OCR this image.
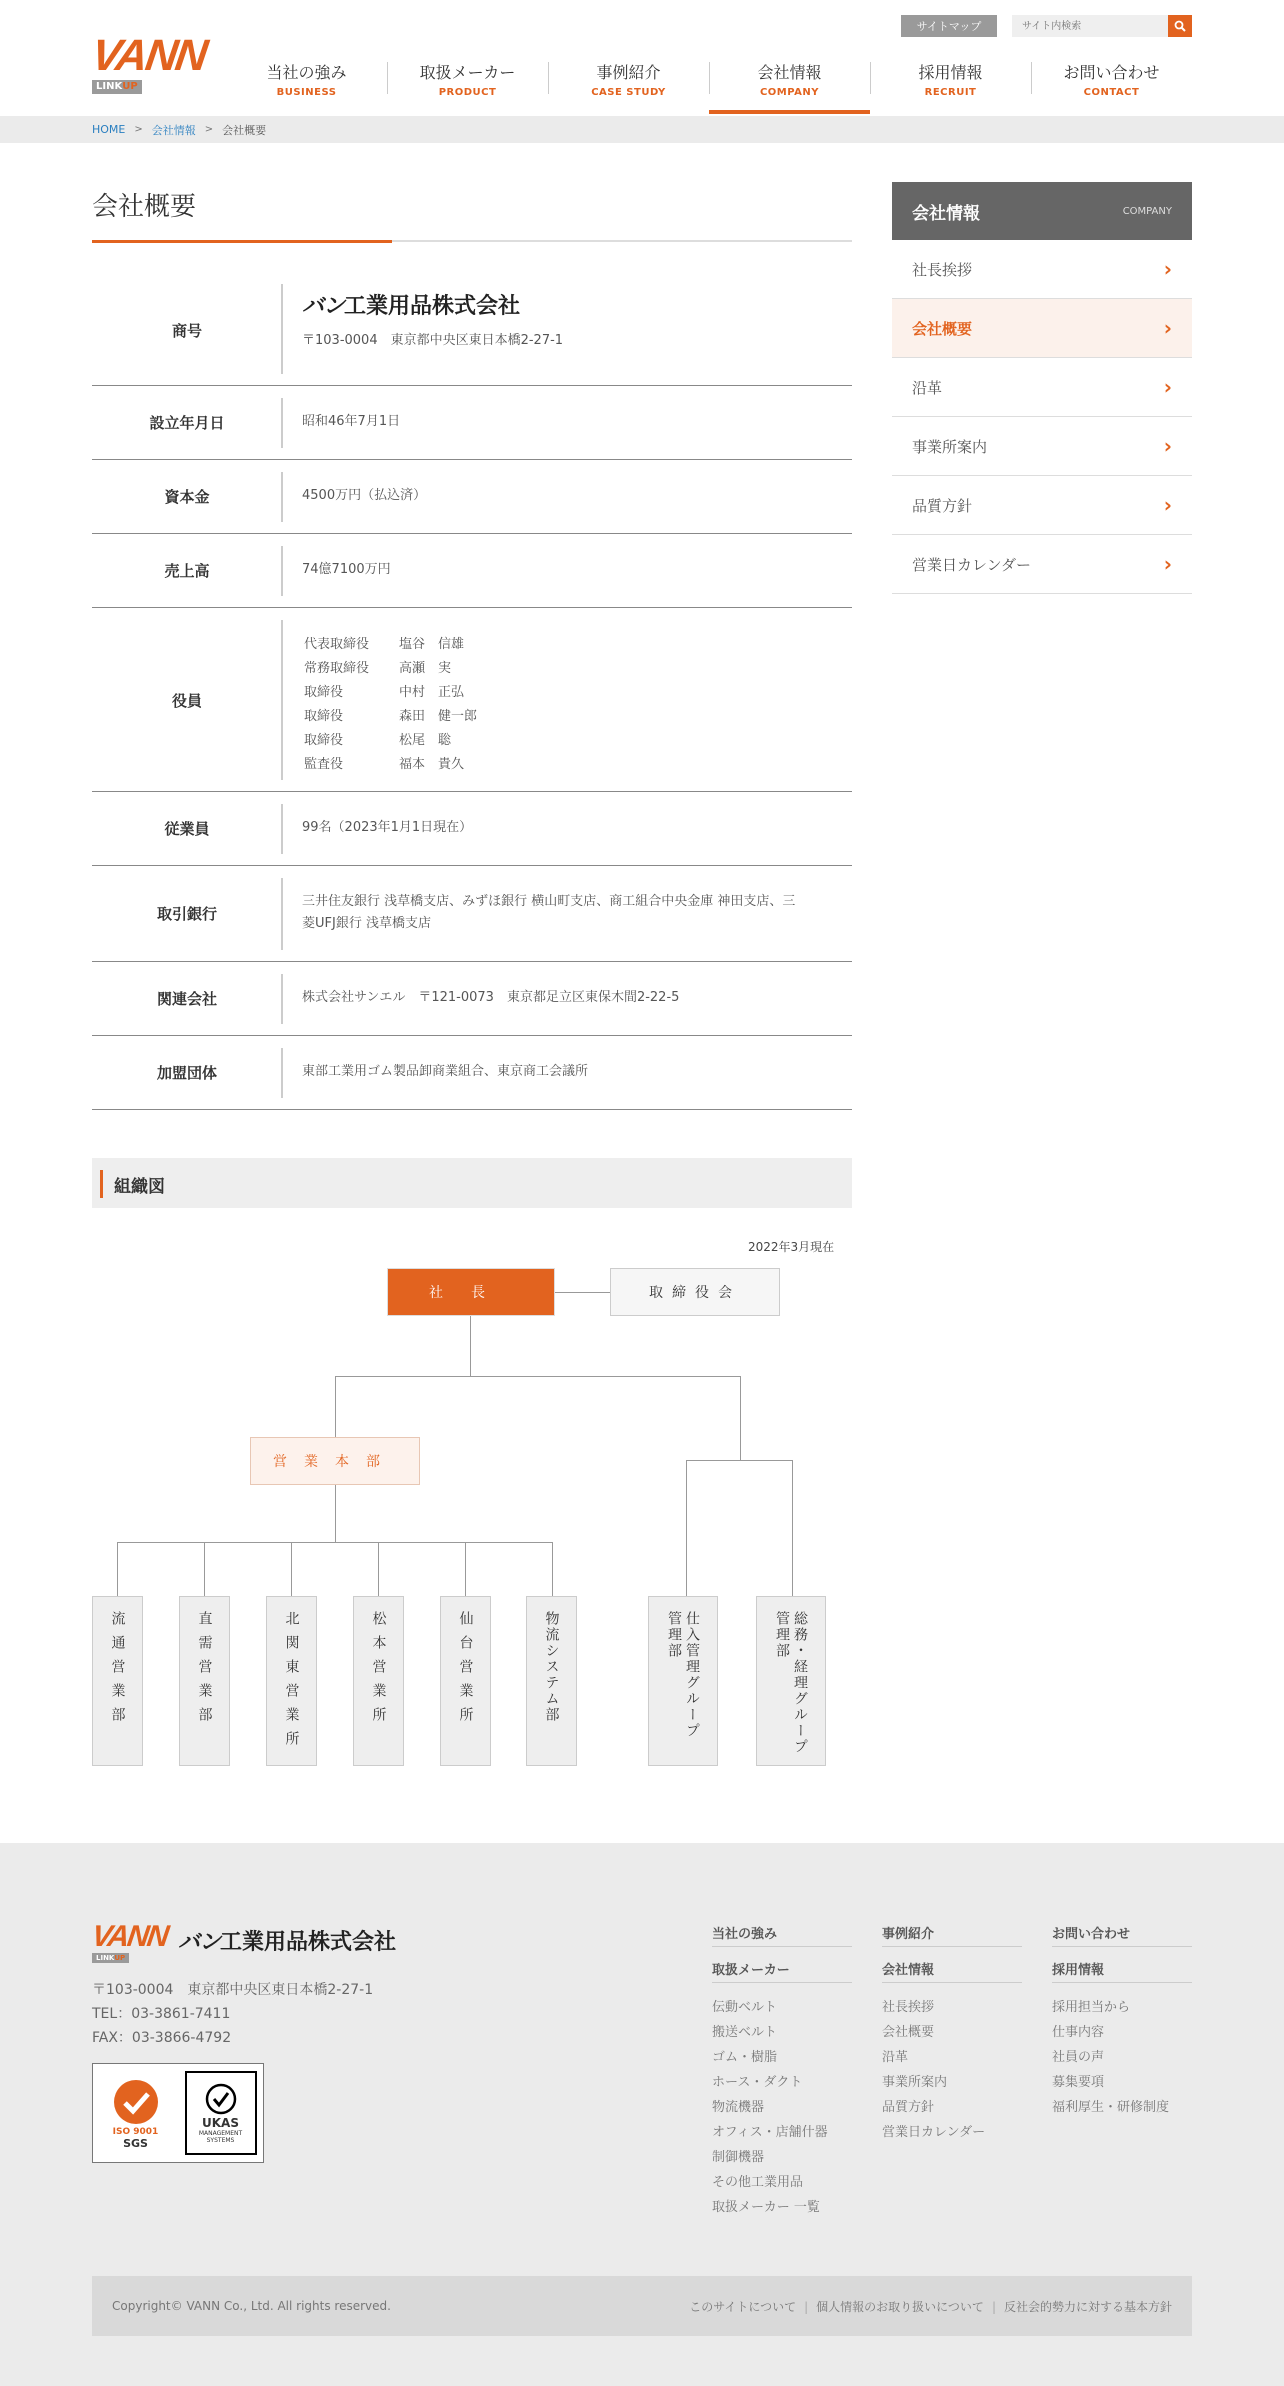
サイトマップ
サイト内検索
VANN
LINKUP
当社の強み
BUSINESS
取扱メーカー
PRODUCT
事例紹介
CASE STUDY
会社情報
COMPANY
採用情報
RECRUIT
お問い合わせ
CONTACT
HOME > 会社情報 > 会社概要
会社概要
商号
バン工業用品株式会社
〒103-0004　東京都中央区東日本橋2-27-1
設立年月日	昭和46年7月1日
資本金	4500万円（払込済）
売上高	74億7100万円
役員
代表取締役	塩谷　信雄
常務取締役	高瀬　実
取締役	中村　正弘
取締役	森田　健一郎
取締役	松尾　聡
監査役	福本　貴久
従業員	99名（2023年1月1日現在）
取引銀行
三井住友銀行 浅草橋支店、みずほ銀行 横山町支店、商工組合中央金庫 神田支店、三
菱UFJ銀行 浅草橋支店
関連会社	株式会社サンエル　〒121-0073　東京都足立区東保木間2-22-5
加盟団体	東部工業用ゴム製品卸商業組合、東京商工会議所
組織図
2022年3月現在
社長	取締役会
営業本部
流通営業部	直需営業部	北関東営業所	松本営業所	仙台営業所	物流システム部	管理部 仕入管理グループ	管理部 総務・経理グループ
会社情報	COMPANY
社長挨拶	›
会社概要	›
沿革	›
事業所案内	›
品質方針	›
営業日カレンダー	›
VANN
LINKUP
バン工業用品株式会社
〒103-0004　東京都中央区東日本橋2-27-1
TEL：03-3861-7411
FAX：03-3866-4792
ISO 9001
SGS
UKAS
MANAGEMENT SYSTEMS
当社の強み
取扱メーカー
伝動ベルト
搬送ベルト
ゴム・樹脂
ホース・ダクト
物流機器
オフィス・店舗什器
制御機器
その他工業用品
取扱メーカー 一覧
事例紹介
会社情報
社長挨拶
会社概要
沿革
事業所案内
品質方針
営業日カレンダー
お問い合わせ
採用情報
採用担当から
仕事内容
社員の声
募集要項
福利厚生・研修制度
Copyright© VANN Co., Ltd. All rights reserved.	このサイトについて | 個人情報のお取り扱いについて | 反社会的勢力に対する基本方針
